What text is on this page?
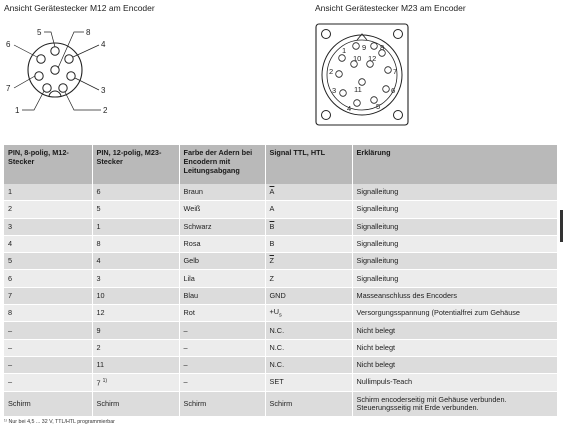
Ansicht Gerätestecker M12 am Encoder	Ansicht Gerätestecker M23 am Encoder
5	8
4
3
2
1
7
6
1 9 8
10 12
2	7
11
3	6
4	5
PIN, 8-polig, M12-Stecker	PIN, 12-polig, M23-Stecker	Farbe der Adern bei Encodern mit Leitungsabgang	Signal TTL, HTL	Erklärung
1	6	Braun	$\overline{A}$	Signalleitung
2	5	Weiß	A	Signalleitung
3	1	Schwarz	$\overline{B}$	Signalleitung
4	8	Rosa	B	Signalleitung
5	4	Gelb	$\overline{Z}$	Signalleitung
6	3	Lila	Z	Signalleitung
7	10	Blau	GND	Masseanschluss des Encoders
8	12	Rot	$+U_s$	Versorgungsspannung (Potentialfrei zum Gehäuse
–	9	–	N.C.	Nicht belegt
–	2	–	N.C.	Nicht belegt
–	11	–	N.C.	Nicht belegt
–	7 $^{1)}$	–	SET	Nullimpuls-Teach
Schirm	Schirm	Schirm	Schirm	Schirm encoderseitig mit Gehäuse verbunden. Steuerungsseitig mit Erde verbunden.
¹⁾ Nur bei 4,5 ... 32 V, TTL/HTL programmierbar
